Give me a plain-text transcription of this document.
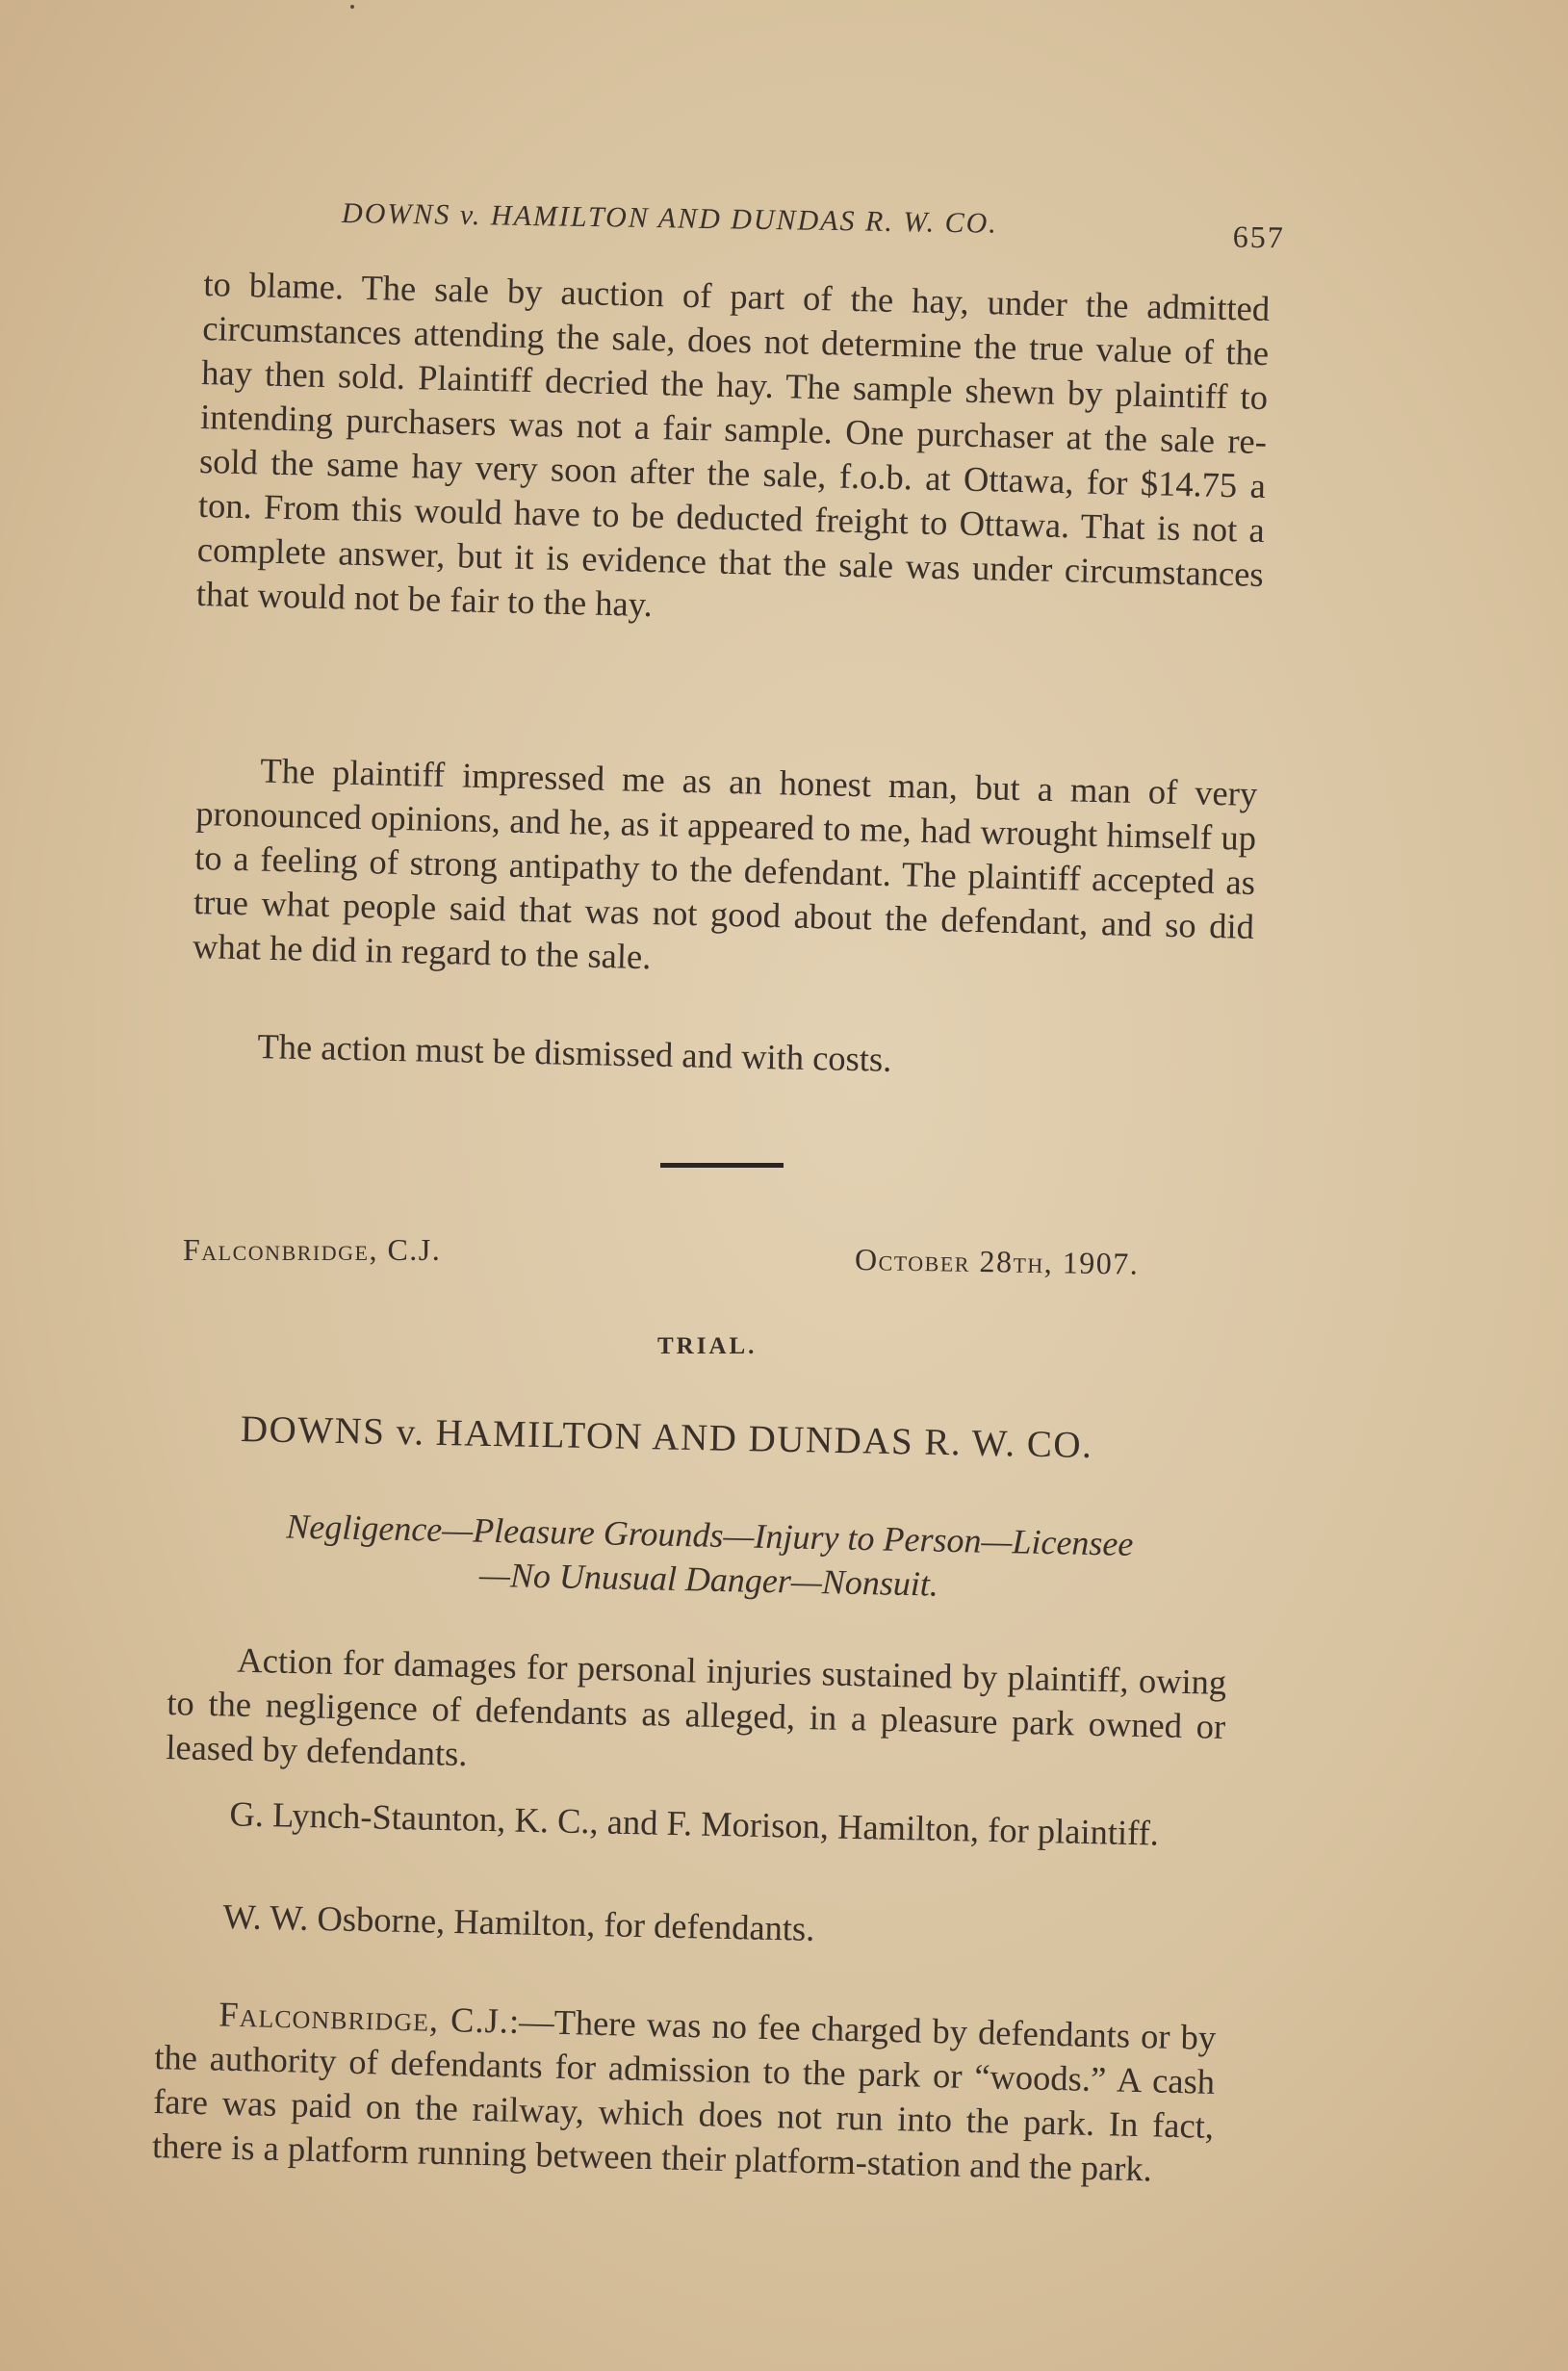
DOWNS v. HAMILTON AND DUNDAS R. W. CO.	657

to blame. The sale by auction of part of the hay, under the admitted circumstances attending the sale, does not determine the true value of the hay then sold. Plaintiff decried the hay. The sample shewn by plaintiff to intending purchasers was not a fair sample. One purchaser at the sale re-sold the same hay very soon after the sale, f.o.b. at Ottawa, for $14.75 a ton. From this would have to be deducted freight to Ottawa. That is not a complete answer, but it is evidence that the sale was under circumstances that would not be fair to the hay.

The plaintiff impressed me as an honest man, but a man of very pronounced opinions, and he, as it appeared to me, had wrought himself up to a feeling of strong antipathy to the defendant. The plaintiff accepted as true what people said that was not good about the defendant, and so did what he did in regard to the sale.

The action must be dismissed and with costs.

Falconbridge, C.J.	October 28th, 1907.
TRIAL.
DOWNS v. HAMILTON AND DUNDAS R. W. CO.
Negligence—Pleasure Grounds—Injury to Person—Licensee
—No Unusual Danger—Nonsuit.

Action for damages for personal injuries sustained by plaintiff, owing to the negligence of defendants as alleged, in a pleasure park owned or leased by defendants.

G. Lynch-Staunton, K. C., and F. Morison, Hamilton, for plaintiff.

W. W. Osborne, Hamilton, for defendants.

Falconbridge, C.J.:—There was no fee charged by defendants or by the authority of defendants for admission to the park or “woods.” A cash fare was paid on the railway, which does not run into the park. In fact, there is a platform running between their platform-station and the park.
